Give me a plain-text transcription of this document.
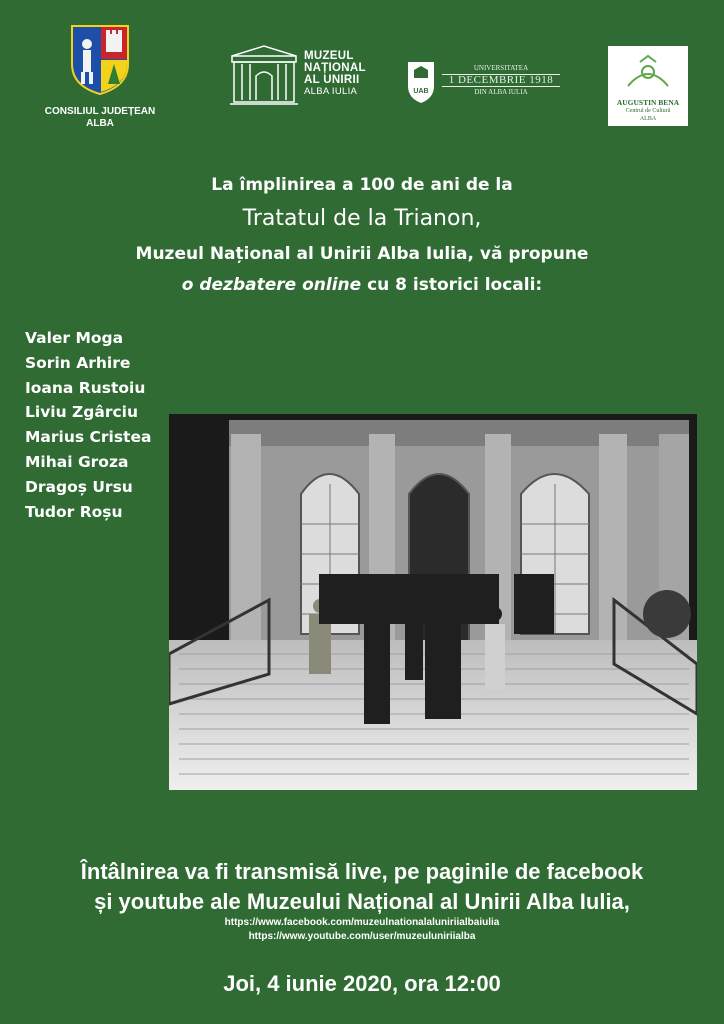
CONSILIUL JUDEȚEAN
ALBA
MUZEUL
NAȚIONAL
AL UNIRII
ALBA IULIA	UAB
UNIVERSITATEA
1 DECEMBRIE 1918
DIN ALBA IULIA
AUGUSTIN BENA
Centrul de Cultură
ALBA
La împlinirea a 100 de ani de la
Tratatul de la Trianon,
Muzeul Național al Unirii Alba Iulia, vă propune
o dezbatere online cu 8 istorici locali:
Valer Moga
Sorin Arhire
Ioana Rustoiu
Liviu Zgârciu
Marius Cristea
Mihai Groza
Dragoș Ursu
Tudor Roșu
Întâlnirea va fi transmisă live, pe paginile de facebook
și youtube ale Muzeului Național al Unirii Alba Iulia,
https://www.facebook.com/muzeulnationalaluniriialbaiulia
https://www.youtube.com/user/muzeuluniriialba
Joi, 4 iunie 2020, ora 12:00
